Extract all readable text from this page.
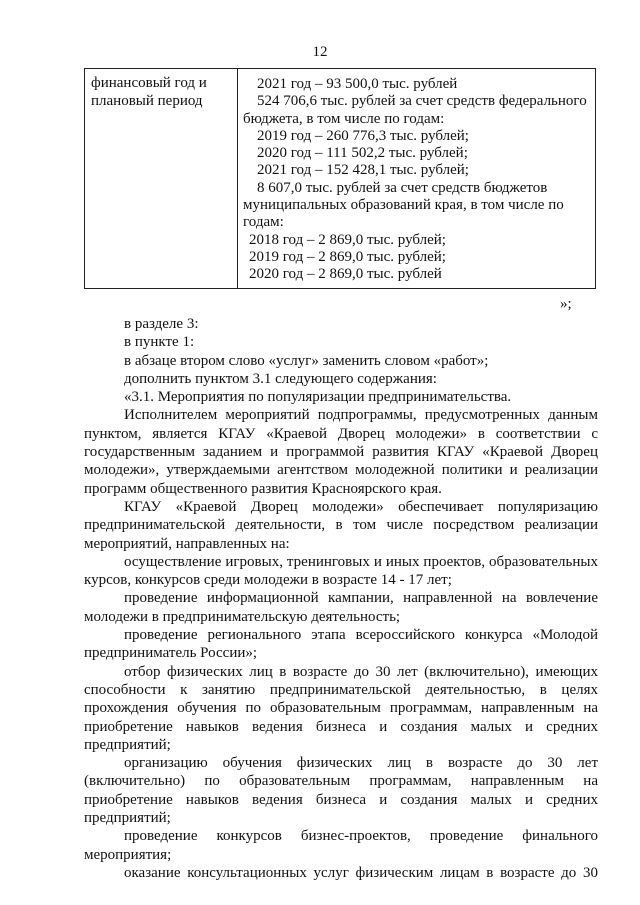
12
финансовый год и
плановый период
2021 год – 93 500,0 тыс. рублей
524 706,6 тыс. рублей за счет средств федерального
бюджета, в том числе по годам:
2019 год – 260 776,3 тыс. рублей;
2020 год – 111 502,2 тыс. рублей;
2021 год – 152 428,1 тыс. рублей;
8 607,0 тыс. рублей за счет средств бюджетов
муниципальных образований края, в том числе по
годам:
2018 год – 2 869,0 тыс. рублей;
2019 год – 2 869,0 тыс. рублей;
2020 год – 2 869,0 тыс. рублей
»;

в разделе 3:

в пункте 1:

в абзаце втором слово «услуг» заменить словом «работ»;

дополнить пунктом 3.1 следующего содержания:

«3.1. Мероприятия по популяризации предпринимательства.

Исполнителем мероприятий подпрограммы, предусмотренных данным пунктом, является КГАУ «Краевой Дворец молодежи» в соответствии с государственным заданием и программой развития КГАУ «Краевой Дворец молодежи», утверждаемыми агентством молодежной политики и реализации программ общественного развития Красноярского края.

КГАУ «Краевой Дворец молодежи» обеспечивает популяризацию предпринимательской деятельности, в том числе посредством реализации мероприятий, направленных на:

осуществление игровых, тренинговых и иных проектов, образовательных курсов, конкурсов среди молодежи в возрасте 14 - 17 лет;

проведение информационной кампании, направленной на вовлечение молодежи в предпринимательскую деятельность;

проведение регионального этапа всероссийского конкурса «Молодой предприниматель России»;

отбор физических лиц в возрасте до 30 лет (включительно), имеющих способности к занятию предпринимательской деятельностью, в целях прохождения обучения по образовательным программам, направленным на приобретение навыков ведения бизнеса и создания малых и средних предприятий;

организацию обучения физических лиц в возрасте до 30 лет (включительно) по образовательным программам, направленным на приобретение навыков ведения бизнеса и создания малых и средних предприятий;

проведение конкурсов бизнес-проектов, проведение финального мероприятия;

оказание консультационных услуг физическим лицам в возрасте до 30
